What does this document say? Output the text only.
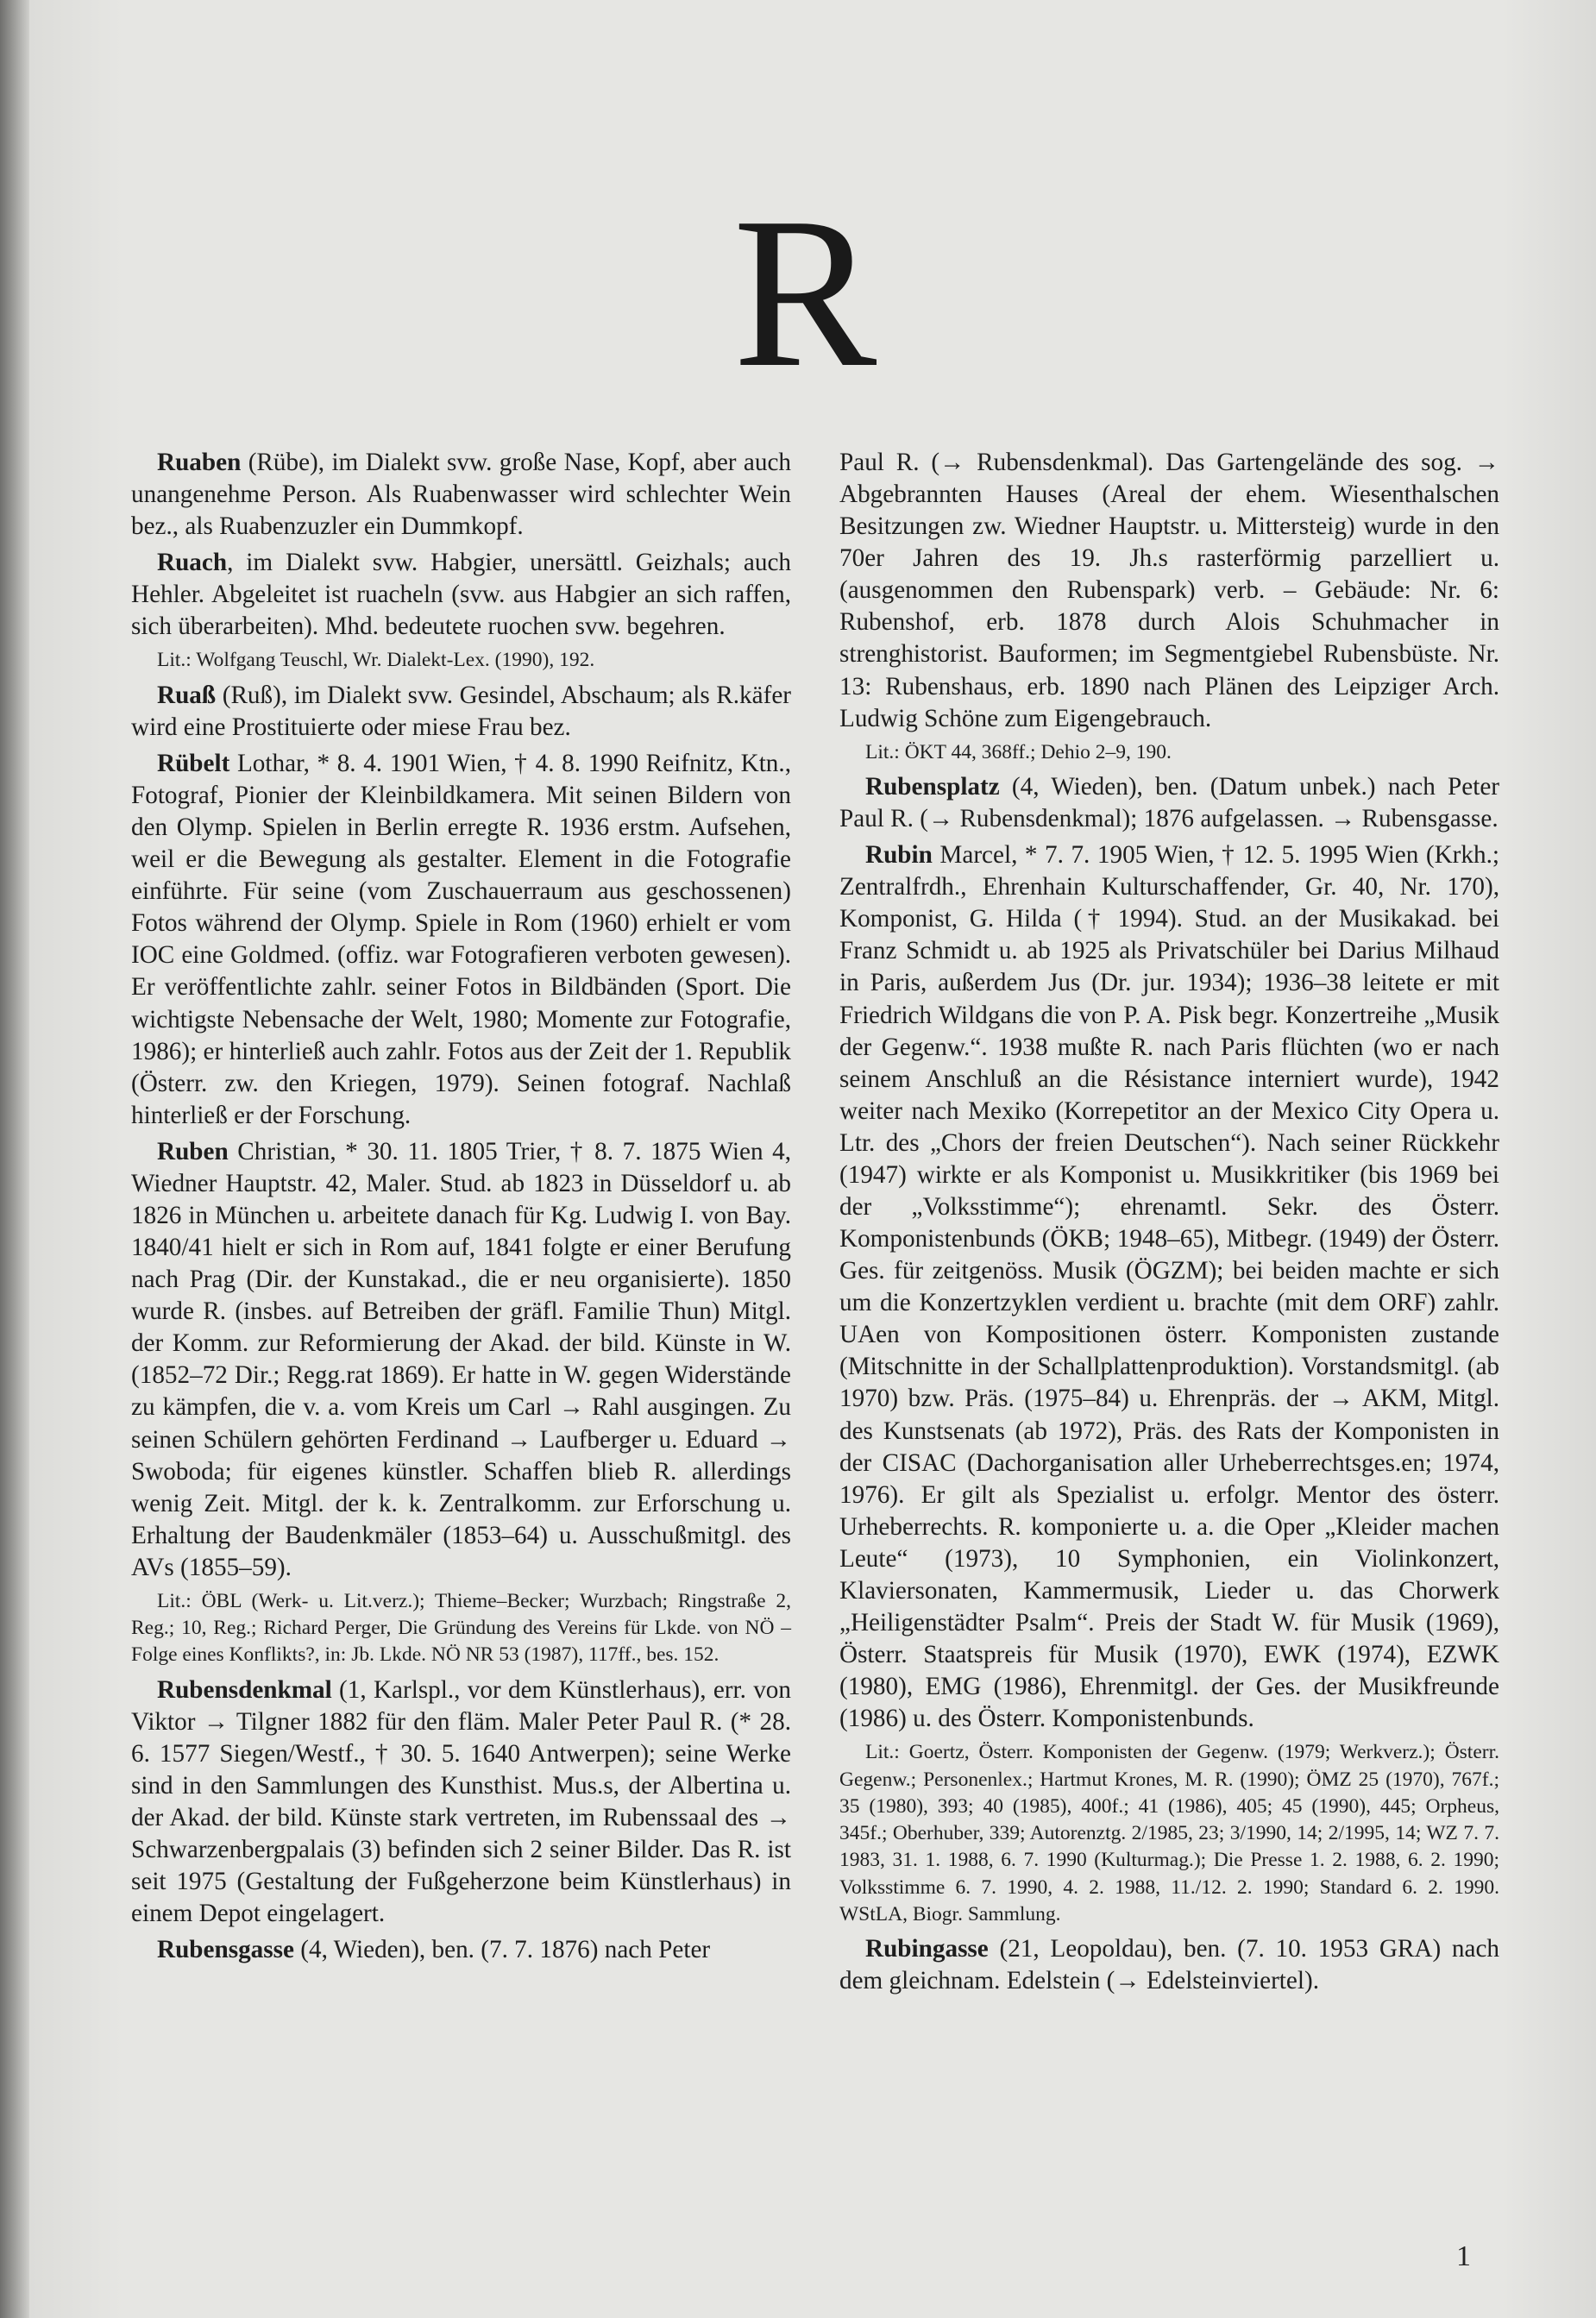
R

Ruaben (Rübe), im Dialekt svw. große Nase, Kopf, aber auch unangenehme Person. Als Ruabenwasser wird schlechter Wein bez., als Ruabenzuzler ein Dummkopf.

Ruach, im Dialekt svw. Habgier, unersättl. Geizhals; auch Hehler. Abgeleitet ist ruacheln (svw. aus Habgier an sich raffen, sich überarbeiten). Mhd. bedeutete ruochen svw. begehren.

Lit.: Wolfgang Teuschl, Wr. Dialekt-Lex. (1990), 192.

Ruaß (Ruß), im Dialekt svw. Gesindel, Abschaum; als R.käfer wird eine Prostituierte oder miese Frau bez.

Rübelt Lothar, * 8. 4. 1901 Wien, † 4. 8. 1990 Reifnitz, Ktn., Fotograf, Pionier der Kleinbildkamera. Mit seinen Bildern von den Olymp. Spielen in Berlin erregte R. 1936 erstm. Aufsehen, weil er die Bewegung als gestalter. Element in die Fotografie einführte. Für seine (vom Zuschauerraum aus geschossenen) Fotos während der Olymp. Spiele in Rom (1960) erhielt er vom IOC eine Goldmed. (offiz. war Fotografieren verboten gewesen). Er veröffentlichte zahlr. seiner Fotos in Bildbänden (Sport. Die wichtigste Nebensache der Welt, 1980; Momente zur Fotografie, 1986); er hinterließ auch zahlr. Fotos aus der Zeit der 1. Republik (Österr. zw. den Kriegen, 1979). Seinen fotograf. Nachlaß hinterließ er der Forschung.

Ruben Christian, * 30. 11. 1805 Trier, † 8. 7. 1875 Wien 4, Wiedner Hauptstr. 42, Maler. Stud. ab 1823 in Düsseldorf u. ab 1826 in München u. arbeitete danach für Kg. Ludwig I. von Bay. 1840/41 hielt er sich in Rom auf, 1841 folgte er einer Berufung nach Prag (Dir. der Kunstakad., die er neu organisierte). 1850 wurde R. (insbes. auf Betreiben der gräfl. Familie Thun) Mitgl. der Komm. zur Reformierung der Akad. der bild. Künste in W. (1852–72 Dir.; Regg.rat 1869). Er hatte in W. gegen Widerstände zu kämpfen, die v. a. vom Kreis um Carl → Rahl ausgingen. Zu seinen Schülern gehörten Ferdinand → Laufberger u. Eduard → Swoboda; für eigenes künstler. Schaffen blieb R. allerdings wenig Zeit. Mitgl. der k. k. Zentralkomm. zur Erforschung u. Erhaltung der Baudenkmäler (1853–64) u. Ausschußmitgl. des AVs (1855–59).

Lit.: ÖBL (Werk- u. Lit.verz.); Thieme–Becker; Wurzbach; Ringstraße 2, Reg.; 10, Reg.; Richard Perger, Die Gründung des Vereins für Lkde. von NÖ – Folge eines Konflikts?, in: Jb. Lkde. NÖ NR 53 (1987), 117ff., bes. 152.

Rubensdenkmal (1, Karlspl., vor dem Künstlerhaus), err. von Viktor → Tilgner 1882 für den fläm. Maler Peter Paul R. (* 28. 6. 1577 Siegen/Westf., † 30. 5. 1640 Antwerpen); seine Werke sind in den Sammlungen des Kunsthist. Mus.s, der Albertina u. der Akad. der bild. Künste stark vertreten, im Rubenssaal des → Schwarzenbergpalais (3) befinden sich 2 seiner Bilder. Das R. ist seit 1975 (Gestaltung der Fußgeherzone beim Künstlerhaus) in einem Depot eingelagert.

Rubensgasse (4, Wieden), ben. (7. 7. 1876) nach Peter

Paul R. (→ Rubensdenkmal). Das Gartengelände des sog. → Abgebrannten Hauses (Areal der ehem. Wiesenthalschen Besitzungen zw. Wiedner Hauptstr. u. Mittersteig) wurde in den 70er Jahren des 19. Jh.s rasterförmig parzelliert u. (ausgenommen den Rubenspark) verb. – Gebäude: Nr. 6: Rubenshof, erb. 1878 durch Alois Schuhmacher in strenghistorist. Bauformen; im Segmentgiebel Rubensbüste. Nr. 13: Rubenshaus, erb. 1890 nach Plänen des Leipziger Arch. Ludwig Schöne zum Eigengebrauch.

Lit.: ÖKT 44, 368ff.; Dehio 2–9, 190.

Rubensplatz (4, Wieden), ben. (Datum unbek.) nach Peter Paul R. (→ Rubensdenkmal); 1876 aufgelassen. → Rubensgasse.

Rubin Marcel, * 7. 7. 1905 Wien, † 12. 5. 1995 Wien (Krkh.; Zentralfrdh., Ehrenhain Kulturschaffender, Gr. 40, Nr. 170), Komponist, G. Hilda († 1994). Stud. an der Musikakad. bei Franz Schmidt u. ab 1925 als Privatschüler bei Darius Milhaud in Paris, außerdem Jus (Dr. jur. 1934); 1936–38 leitete er mit Friedrich Wildgans die von P. A. Pisk begr. Konzertreihe „Musik der Gegenw.“. 1938 mußte R. nach Paris flüchten (wo er nach seinem Anschluß an die Résistance interniert wurde), 1942 weiter nach Mexiko (Korrepetitor an der Mexico City Opera u. Ltr. des „Chors der freien Deutschen“). Nach seiner Rückkehr (1947) wirkte er als Komponist u. Musikkritiker (bis 1969 bei der „Volksstimme“); ehrenamtl. Sekr. des Österr. Komponistenbunds (ÖKB; 1948–65), Mitbegr. (1949) der Österr. Ges. für zeitgenöss. Musik (ÖGZM); bei beiden machte er sich um die Konzertzyklen verdient u. brachte (mit dem ORF) zahlr. UAen von Kompositionen österr. Komponisten zustande (Mitschnitte in der Schallplattenproduktion). Vorstandsmitgl. (ab 1970) bzw. Präs. (1975–84) u. Ehrenpräs. der → AKM, Mitgl. des Kunstsenats (ab 1972), Präs. des Rats der Komponisten in der CISAC (Dachorganisation aller Urheberrechtsges.en; 1974, 1976). Er gilt als Spezialist u. erfolgr. Mentor des österr. Urheberrechts. R. komponierte u. a. die Oper „Kleider machen Leute“ (1973), 10 Symphonien, ein Violinkonzert, Klaviersonaten, Kammermusik, Lieder u. das Chorwerk „Heiligenstädter Psalm“. Preis der Stadt W. für Musik (1969), Österr. Staatspreis für Musik (1970), EWK (1974), EZWK (1980), EMG (1986), Ehrenmitgl. der Ges. der Musikfreunde (1986) u. des Österr. Komponistenbunds.

Lit.: Goertz, Österr. Komponisten der Gegenw. (1979; Werkverz.); Österr. Gegenw.; Personenlex.; Hartmut Krones, M. R. (1990); ÖMZ 25 (1970), 767f.; 35 (1980), 393; 40 (1985), 400f.; 41 (1986), 405; 45 (1990), 445; Orpheus, 345f.; Oberhuber, 339; Autorenztg. 2/1985, 23; 3/1990, 14; 2/1995, 14; WZ 7. 7. 1983, 31. 1. 1988, 6. 7. 1990 (Kulturmag.); Die Presse 1. 2. 1988, 6. 2. 1990; Volksstimme 6. 7. 1990, 4. 2. 1988, 11./12. 2. 1990; Standard 6. 2. 1990. WStLA, Biogr. Sammlung.

Rubingasse (21, Leopoldau), ben. (7. 10. 1953 GRA) nach dem gleichnam. Edelstein (→ Edelsteinviertel).

1
